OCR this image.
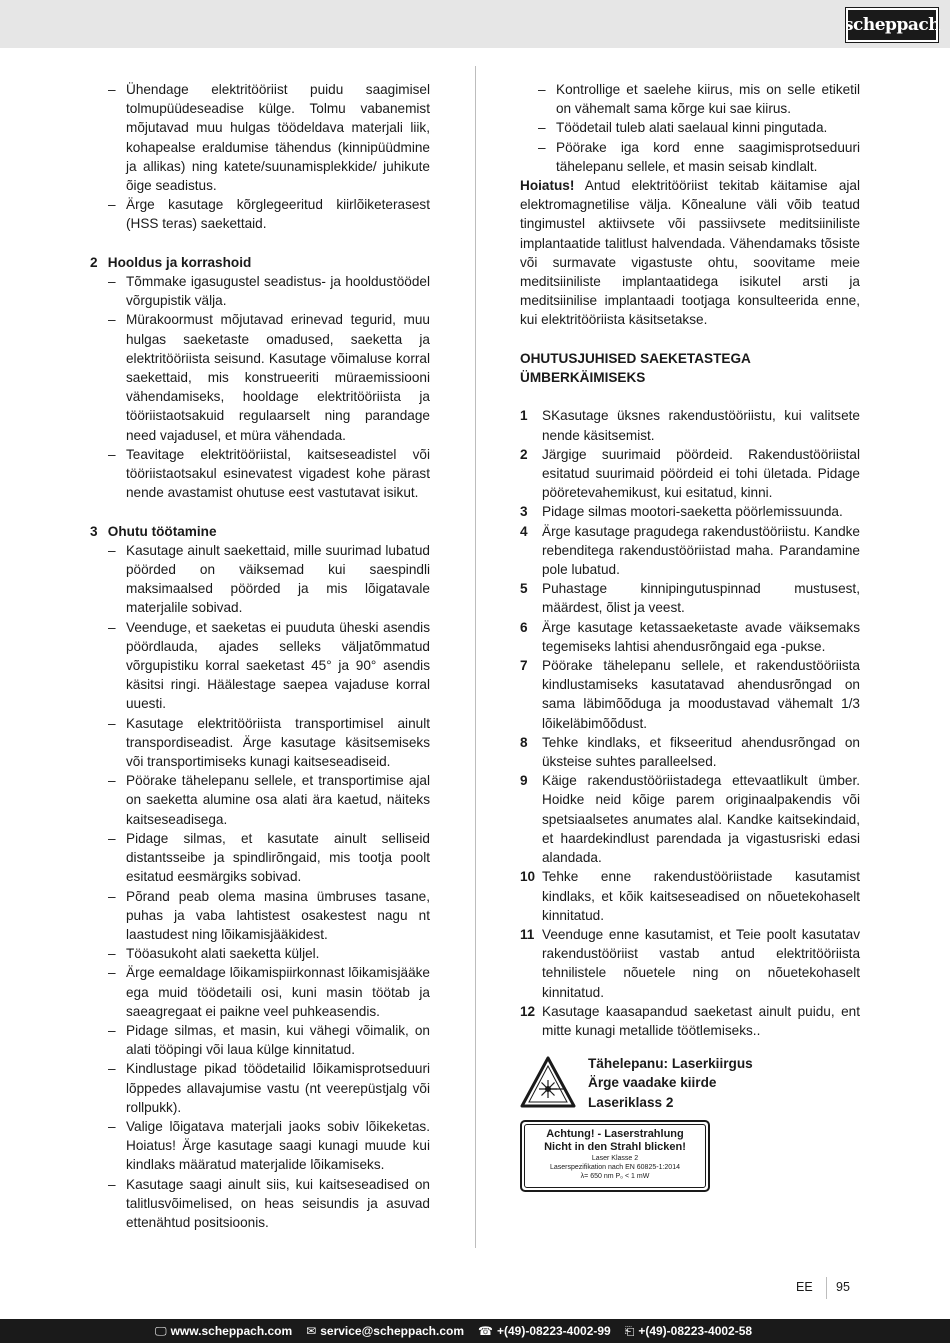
scheppach
– Ühendage elektritööriist puidu saagimisel tolmupüüdeseadise külge. Tolmu vabanemist mõjutavad muu hulgas töödeldava materjali liik, kohapealse eraldumise tähendus (kinnipüüdmine ja allikas) ning katete/suunamisplekkide/ juhikute õige seadistus.
– Ärge kasutage kõrglegeeritud kiirlõiketerasest (HSS teras) saekettaid.
2 Hooldus ja korrashoid
– Tõmmake igasugustel seadistus- ja hooldustöödel võrgupistik välja.
– Mürakoormust mõjutavad erinevad tegurid, muu hulgas saeketaste omadused, saeketta ja elektritööriista seisund. Kasutage võimaluse korral saekettaid, mis konstrueeriti müraemissiooni vähendamiseks, hooldage elektritööriista ja tööriistaotsakuid regulaarselt ning parandage need vajadusel, et müra vähendada.
– Teavitage elektritööriistal, kaitseseadistel või tööriistaotsakul esinevatest vigadest kohe pärast nende avastamist ohutuse eest vastutavat isikut.
3 Ohutu töötamine
– Kasutage ainult saekettaid, mille suurimad lubatud pöörded on väiksemad kui saespindli maksimaalsed pöörded ja mis lõigatavale materjalile sobivad.
– Veenduge, et saeketas ei puuduta üheski asendis pöördlauda, ajades selleks väljatõmmatud võrgupistiku korral saeketast 45° ja 90° asendis käsitsi ringi. Häälestage saepea vajaduse korral uuesti.
– Kasutage elektritööriista transportimisel ainult transpordiseadist. Ärge kasutage käsitsemiseks või transportimiseks kunagi kaitseseadiseid.
– Pöörake tähelepanu sellele, et transportimise ajal on saeketta alumine osa alati ära kaetud, näiteks kaitseseadisega.
– Pidage silmas, et kasutate ainult selliseid distantsseibe ja spindlirõngaid, mis tootja poolt esitatud eesmärgiks sobivad.
– Põrand peab olema masina ümbruses tasane, puhas ja vaba lahtistest osakestest nagu nt laastudest ning lõikamisjääkidest.
– Tööasukoht alati saeketta küljel.
– Ärge eemaldage lõikamispiirkonnast lõikamisjääke ega muid töödetaili osi, kuni masin töötab ja saeagregaat ei paikne veel puhkeasendis.
– Pidage silmas, et masin, kui vähegi võimalik, on alati tööpingi või laua külge kinnitatud.
– Kindlustage pikad töödetailid lõikamisprotseduuri lõppedes allavajumise vastu (nt veerepüstjalg või rollpukk).
– Valige lõigatava materjali jaoks sobiv lõikeketas. Hoiatus! Ärge kasutage saagi kunagi muude kui kindlaks määratud materjalide lõikamiseks.
– Kasutage saagi ainult siis, kui kaitseseadised on talitlusvõimelised, on heas seisundis ja asuvad ettenähtud positsioonis.
– Kontrollige et saelehe kiirus, mis on selle etiketil on vähemalt sama kõrge kui sae kiirus.
– Töödetail tuleb alati saelaual kinni pingutada.
– Pöörake iga kord enne saagimisprotseduuri tähelepanu sellele, et masin seisab kindlalt.

Hoiatus! Antud elektritööriist tekitab käitamise ajal elektromagnetilise välja. Kõnealune väli võib teatud tingimustel aktiivsete või passiivsete meditsiiniliste implantaatide talitlust halvendada. Vähendamaks tõsiste või surmavate vigastuste ohtu, soovitame meie meditsiiniliste implantaatidega isikutel arsti ja meditsiinilise implantaadi tootjaga konsulteerida enne, kui elektritööriista käsitsetakse.

OHUTUSJUHISED SAEKETASTEGA ÜMBERKÄIMISEKS
1 SKasutage üksnes rakendustööriistu, kui valitsete nende käsitsemist.
2 Järgige suurimaid pöördeid. Rakendustööriistal esitatud suurimaid pöördeid ei tohi ületada. Pidage pööretevahemikust, kui esitatud, kinni.
3 Pidage silmas mootori-saeketta pöörlemissuunda.
4 Ärge kasutage pragudega rakendustööriistu. Kandke rebenditega rakendustööriistad maha. Parandamine pole lubatud.
5 Puhastage kinnipingutuspinnad mustusest, määrdest, õlist ja veest.
6 Ärge kasutage ketassaeketaste avade väiksemaks tegemiseks lahtisi ahendusrõngaid ega -pukse.
7 Pöörake tähelepanu sellele, et rakendustööriista kindlustamiseks kasutatavad ahendusrõngad on sama läbimõõduga ja moodustavad vähemalt 1/3 lõikeläbimõõdust.
8 Tehke kindlaks, et fikseeritud ahendusrõngad on üksteise suhtes paralleelsed.
9 Käige rakendustööriistadega ettevaatlikult ümber. Hoidke neid kõige parem originaalpakendis või spetsiaalsetes anumates alal. Kandke kaitsekindaid, et haardekindlust parendada ja vigastusriski edasi alandada.
10 Tehke enne rakendustööriistade kasutamist kindlaks, et kõik kaitseseadised on nõuetekohaselt kinnitatud.
11 Veenduge enne kasutamist, et Teie poolt kasutatav rakendustööriist vastab antud elektritööriista tehnilistele nõuetele ning on nõuetekohaselt kinnitatud.
12 Kasutage kaasapandud saeketast ainult puidu, ent mitte kunagi metallide töötlemiseks..
Tähelepanu: Laserkiirgus
Ärge vaadake kiirde
Laseriklass 2
Achtung! - Laserstrahlung
Nicht in den Strahl blicken!
Laser Klasse 2
Laserspezifikation nach EN 60825-1:2014
λ= 650 nm P₀ < 1 mW
EE 95
🖵 www.scheppach.com ✉ service@scheppach.com ☎ +(49)-08223-4002-99 ⎗ +(49)-08223-4002-58
